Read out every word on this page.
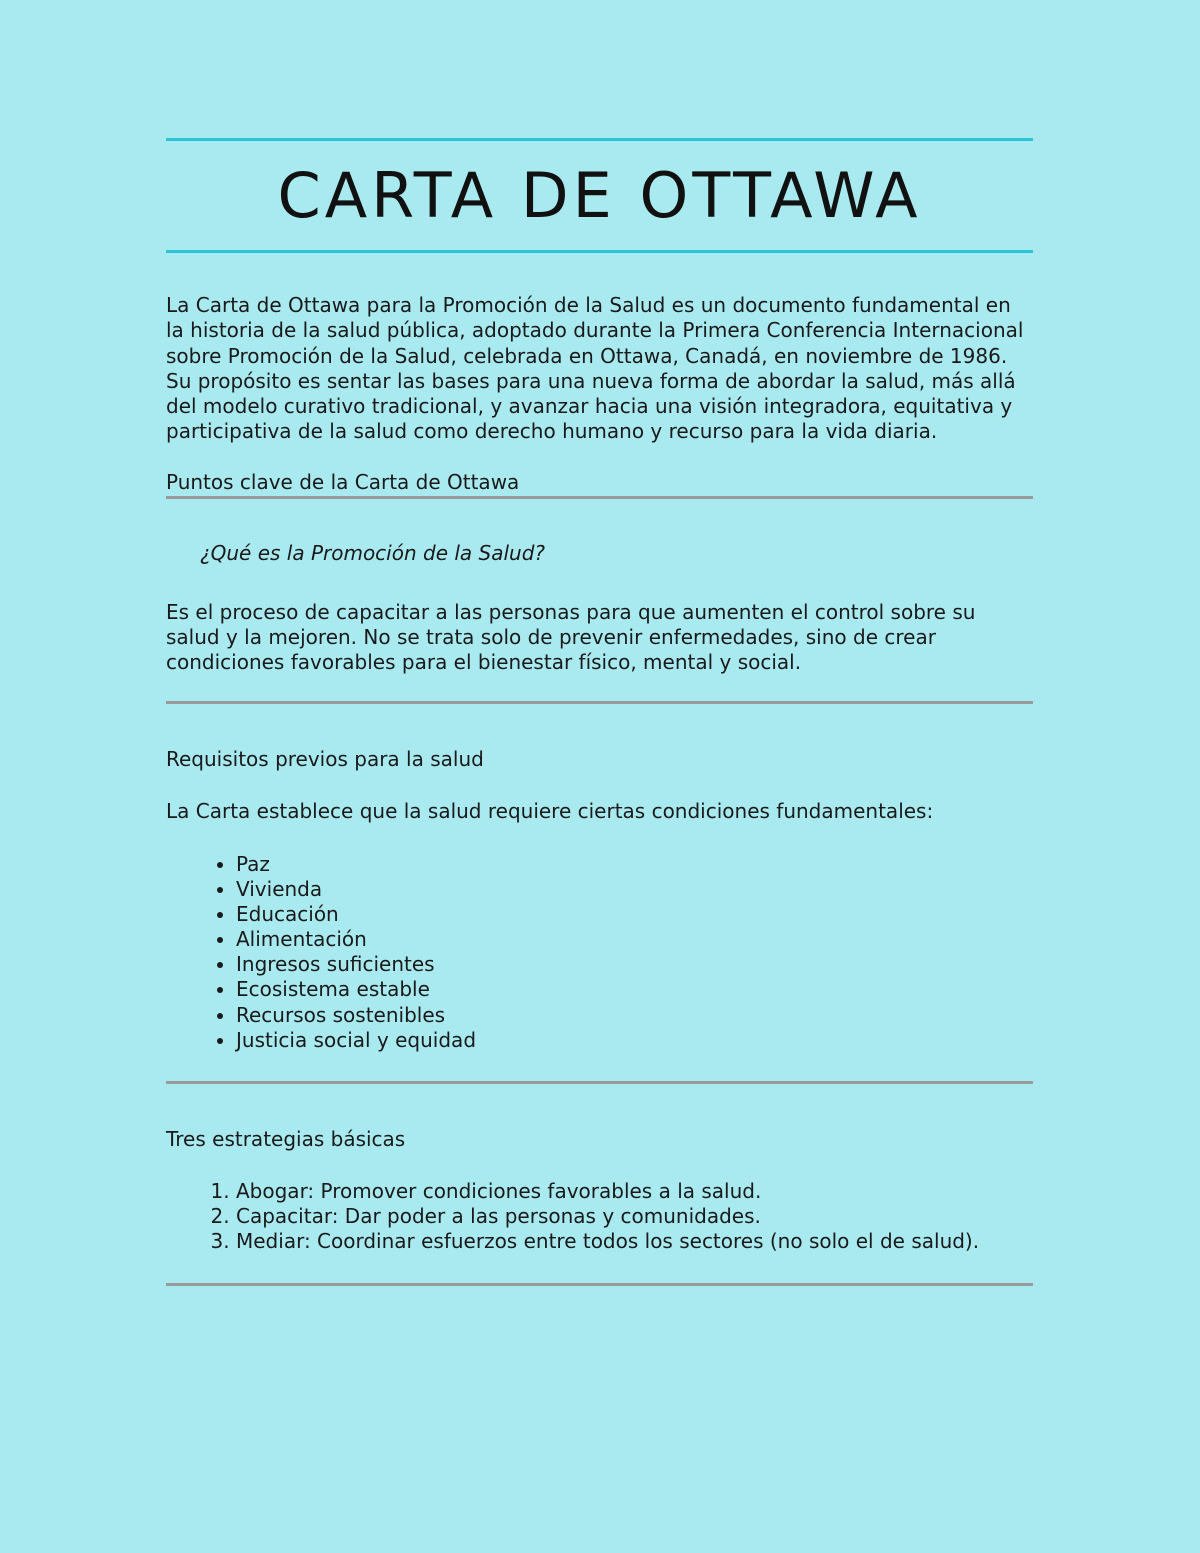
CARTA DE OTTAWA

La Carta de Ottawa para la Promoción de la Salud es un documento fundamental en la historia de la salud pública, adoptado durante la Primera Conferencia Internacional sobre Promoción de la Salud, celebrada en Ottawa, Canadá, en noviembre de 1986. Su propósito es sentar las bases para una nueva forma de abordar la salud, más allá del modelo curativo tradicional, y avanzar hacia una visión integradora, equitativa y participativa de la salud como derecho humano y recurso para la vida diaria.

Puntos clave de la Carta de Ottawa

¿Qué es la Promoción de la Salud?

Es el proceso de capacitar a las personas para que aumenten el control sobre su salud y la mejoren. No se trata solo de prevenir enfermedades, sino de crear condiciones favorables para el bienestar físico, mental y social.

Requisitos previos para la salud

La Carta establece que la salud requiere ciertas condiciones fundamentales:

• Paz
• Vivienda
• Educación
• Alimentación
• Ingresos suficientes
• Ecosistema estable
• Recursos sostenibles
• Justicia social y equidad

Tres estrategias básicas

1. Abogar: Promover condiciones favorables a la salud.
2. Capacitar: Dar poder a las personas y comunidades.
3. Mediar: Coordinar esfuerzos entre todos los sectores (no solo el de salud).
